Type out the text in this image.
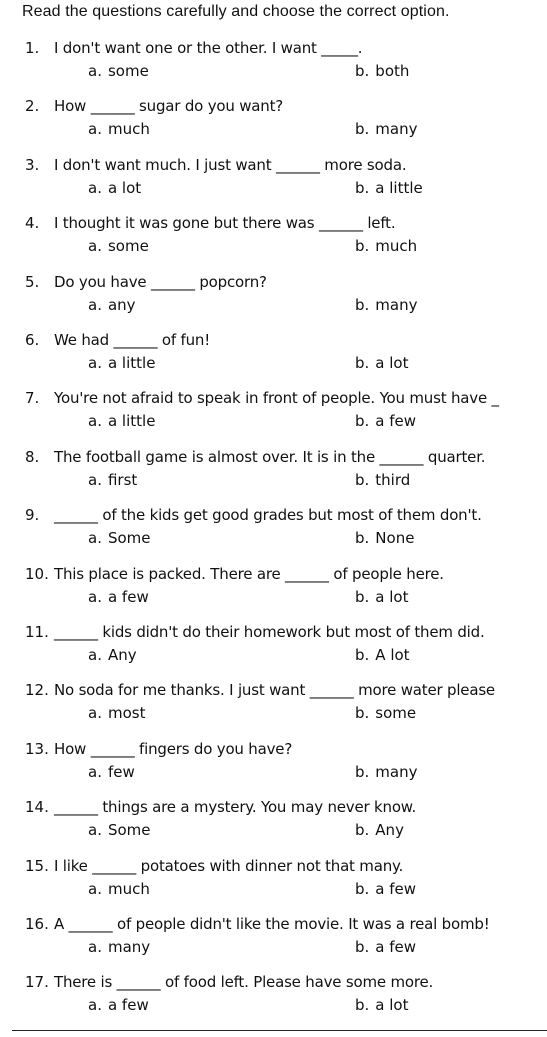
Read the questions carefully and choose the correct option.
1. I don't want one or the other. I want _____.
a. some	b. both
2. How ______ sugar do you want?
a. much	b. many
3. I don't want much. I just want ______ more soda.
a. a lot	b. a little
4. I thought it was gone but there was ______ left.
a. some	b. much
5. Do you have ______ popcorn?
a. any	b. many
6. We had ______ of fun!
a. a little	b. a lot
7. You're not afraid to speak in front of people. You must have _
a. a little	b. a few
8. The football game is almost over. It is in the ______ quarter.
a. first	b. third
9. ______ of the kids get good grades but most of them don't.
a. Some	b. None
10. This place is packed. There are ______ of people here.
a. a few	b. a lot
11. ______ kids didn't do their homework but most of them did.
a. Any	b. A lot
12. No soda for me thanks. I just want ______ more water please
a. most	b. some
13. How ______ fingers do you have?
a. few	b. many
14. ______ things are a mystery. You may never know.
a. Some	b. Any
15. I like ______ potatoes with dinner not that many.
a. much	b. a few
16. A ______ of people didn't like the movie. It was a real bomb!
a. many	b. a few
17. There is ______ of food left. Please have some more.
a. a few	b. a lot
